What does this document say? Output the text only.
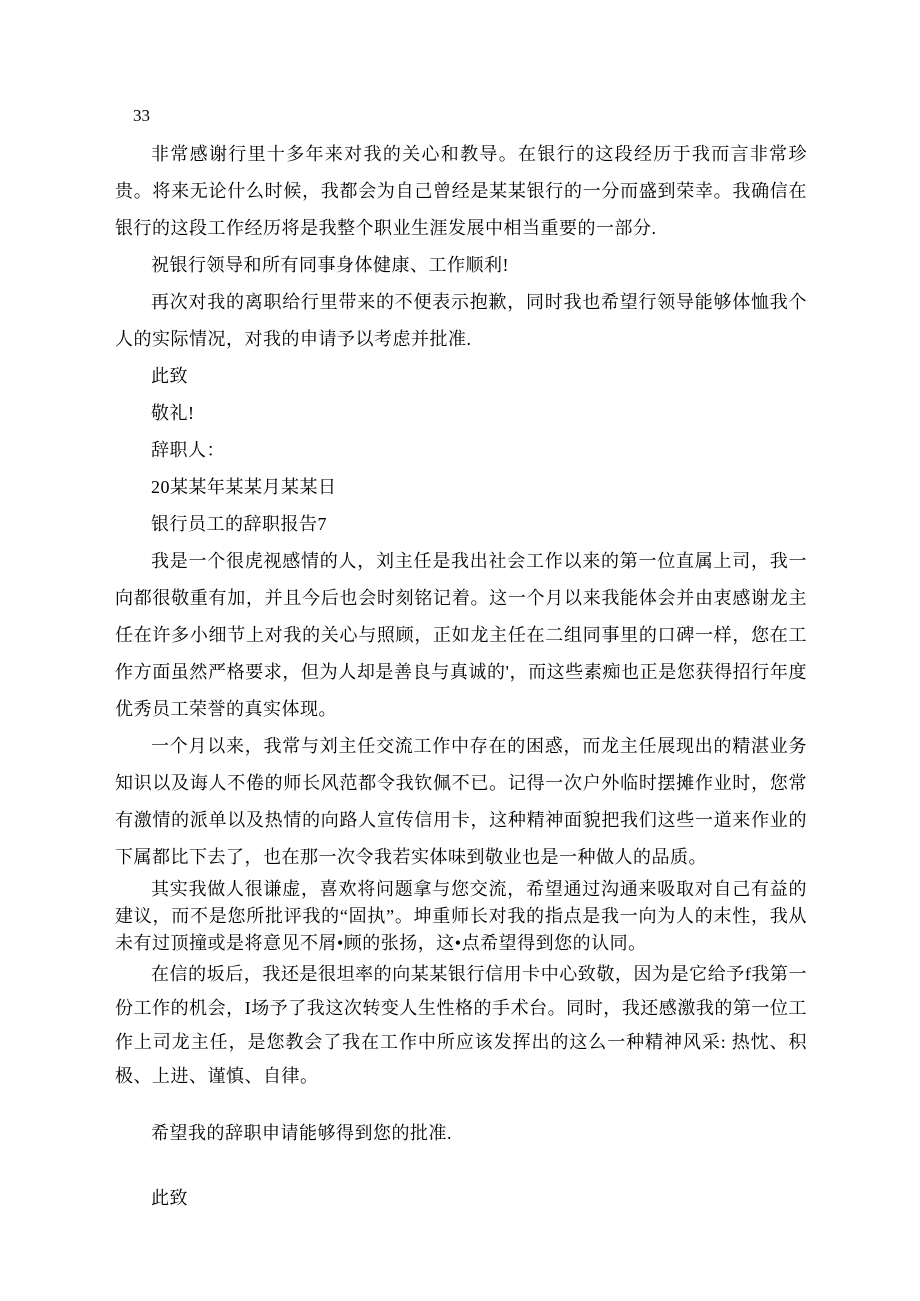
33

非常感谢行里十多年来对我的关心和教导。在银行的这段经历于我而言非常珍贵。将来无论什么时候，我都会为自己曾经是某某银行的一分而盛到荣幸。我确信在银行的这段工作经历将是我整个职业生涯发展中相当重要的一部分.

祝银行领导和所有同事身体健康、工作顺利!

再次对我的离职给行里带来的不便表示抱歉，同时我也希望行领导能够体恤我个人的实际情况，对我的申请予以考虑并批准.

此致

敬礼!

辞职人：

20某某年某某月某某日

银行员工的辞职报告7

我是一个很虎视感情的人，刘主任是我出社会工作以来的第一位直属上司，我一向都很敬重有加，并且今后也会时刻铭记着。这一个月以来我能体会并由衷感谢龙主任在许多小细节上对我的关心与照顾，正如龙主任在二组同事里的口碑一样，您在工作方面虽然严格要求，但为人却是善良与真诚的'，而这些素痴也正是您获得招行年度优秀员工荣誉的真实体现。

一个月以来，我常与刘主任交流工作中存在的困惑，而龙主任展现出的精湛业务知识以及诲人不倦的师长风范都令我钦佩不已。记得一次户外临时摆摊作业时，您常有激情的派单以及热情的向路人宣传信用卡，这种精神面貌把我们这些一道来作业的下属都比下去了，也在那一次令我若实体味到敬业也是一种做人的品质。

其实我做人很谦虚，喜欢将问题拿与您交流，希望通过沟通来吸取对自己有益的建议，而不是您所批评我的“固执”。坤重师长对我的指点是我一向为人的末性，我从未有过顶撞或是将意见不屑•顾的张扬，这•点希望得到您的认同。

在信的坂后，我还是很坦率的向某某银行信用卡中心致敬，因为是它给予f我第一份工作的机会，I场予了我这次转变人生性格的手术台。同时，我还感激我的第一位工作上司龙主任，是您教会了我在工作中所应该发挥出的这么一种精神风采: 热忱、积极、上进、谨慎、自律。

希望我的辞职申请能够得到您的批准.

此致
